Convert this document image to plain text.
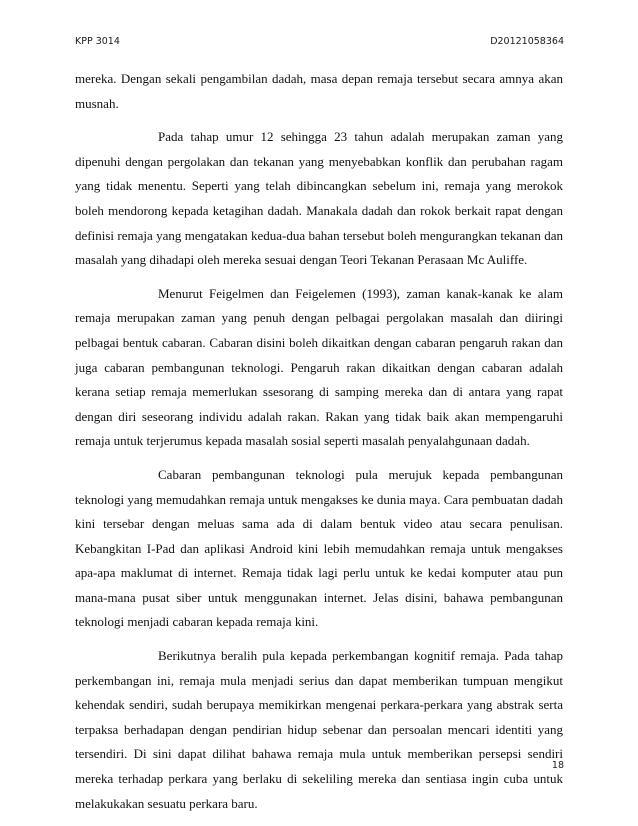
KPP 3014	D20121058364

mereka. Dengan sekali pengambilan dadah, masa depan remaja tersebut secara amnya akan musnah.

Pada tahap umur 12 sehingga 23 tahun adalah merupakan zaman yang dipenuhi dengan pergolakan dan tekanan yang menyebabkan konflik dan perubahan ragam yang tidak menentu. Seperti yang telah dibincangkan sebelum ini, remaja yang merokok boleh mendorong kepada ketagihan dadah. Manakala dadah dan rokok berkait rapat dengan definisi remaja yang mengatakan kedua-dua bahan tersebut boleh mengurangkan tekanan dan masalah yang dihadapi oleh mereka sesuai dengan Teori Tekanan Perasaan Mc Auliffe.

Menurut Feigelmen dan Feigelemen (1993), zaman kanak-kanak ke alam remaja merupakan zaman yang penuh dengan pelbagai pergolakan masalah dan diiringi pelbagai bentuk cabaran. Cabaran disini boleh dikaitkan dengan cabaran pengaruh rakan dan juga cabaran pembangunan teknologi. Pengaruh rakan dikaitkan dengan cabaran adalah kerana setiap remaja memerlukan ssesorang di samping mereka dan di antara yang rapat dengan diri seseorang individu adalah rakan. Rakan yang tidak baik akan mempengaruhi remaja untuk terjerumus kepada masalah sosial seperti masalah penyalahgunaan dadah.

Cabaran pembangunan teknologi pula merujuk kepada pembangunan teknologi yang memudahkan remaja untuk mengakses ke dunia maya. Cara pembuatan dadah kini tersebar dengan meluas sama ada di dalam bentuk video atau secara penulisan. Kebangkitan I-Pad dan aplikasi Android kini lebih memudahkan remaja untuk mengakses apa-apa maklumat di internet. Remaja tidak lagi perlu untuk ke kedai komputer atau pun mana-mana pusat siber untuk menggunakan internet. Jelas disini, bahawa pembangunan teknologi menjadi cabaran kepada remaja kini.

Berikutnya beralih pula kepada perkembangan kognitif remaja. Pada tahap perkembangan ini, remaja mula menjadi serius dan dapat memberikan tumpuan mengikut kehendak sendiri, sudah berupaya memikirkan mengenai perkara-perkara yang abstrak serta terpaksa berhadapan dengan pendirian hidup sebenar dan persoalan mencari identiti yang tersendiri. Di sini dapat dilihat bahawa remaja mula untuk memberikan persepsi sendiri mereka terhadap perkara yang berlaku di sekeliling mereka dan sentiasa ingin cuba untuk melakukakan sesuatu perkara baru.

18
